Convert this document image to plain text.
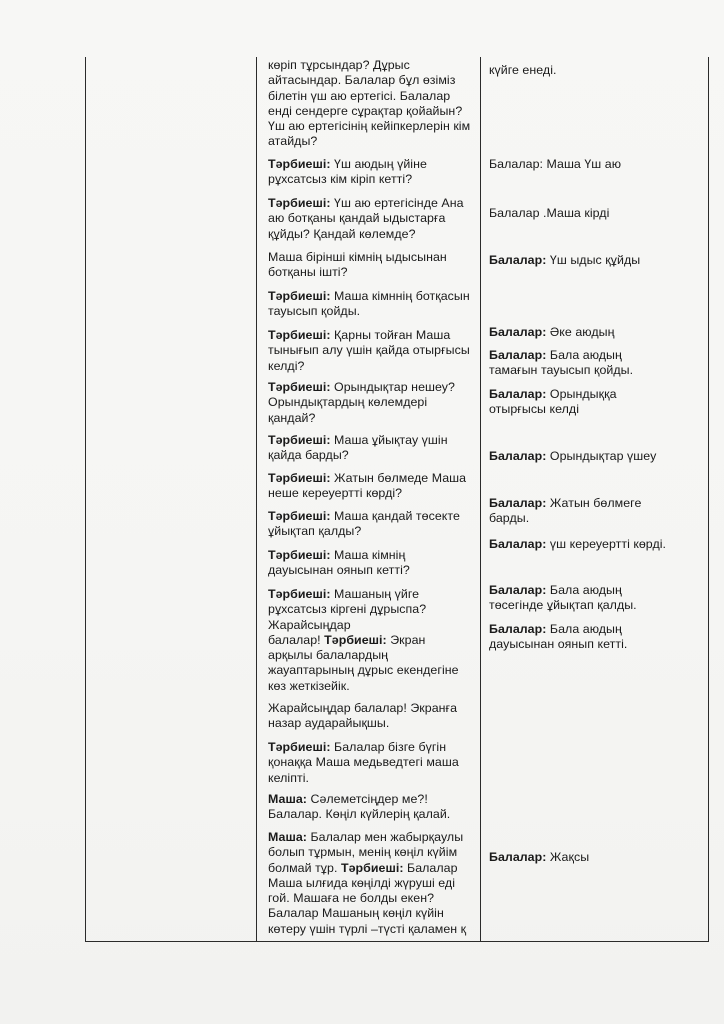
көріп тұрсындар? Дұрыс
айтасындар. Балалар бұл өзіміз
білетін үш аю ертегісі. Балалар
енді сендерге сұрақтар қойайын?
Үш аю ертегісінің кейіпкерлерін кім
атайды?
Тәрбиеші: Үш аюдың үйіне
рұхсатсыз кім кіріп кетті?
Тәрбиеші: Үш аю ертегісінде Ана
аю ботқаны қандай ыдыстарға
құйды? Қандай көлемде?
Маша бірінші кімнің ыдысынан
ботқаны ішті?
Тәрбиеші: Маша кімннің ботқасын
тауысып қойды.
Тәрбиеші: Қарны тойған Маша
тынығып алу үшін қайда отырғысы
келді?
Тәрбиеші: Орындықтар нешеу?
Орындықтардың көлемдері
қандай?
Тәрбиеші: Маша ұйықтау үшін
қайда барды?
Тәрбиеші: Жатын бөлмеде Маша
неше кереуертті көрді?
Тәрбиеші: Маша қандай төсекте
ұйықтап қалды?
Тәрбиеші: Маша кімнің
дауысынан оянып кетті?
Тәрбиеші: Машаның үйге
рұхсатсыз кіргені дұрыспа?
Жарайсыңдар
балалар! Тәрбиеші: Экран
арқылы балалардың
жауаптарының дұрыс екендегіне
көз жеткізейік.
Жарайсыңдар балалар! Экранға
назар аударайықшы.
Тәрбиеші: Балалар бізге бүгін
қонаққа Маша медьведтегі маша
келіпті.
Маша: Сәлеметсіңдер ме?!
Балалар. Көңіл күйлерің қалай.
Маша: Балалар мен жабырқаулы
болып тұрмын, менің көңіл күйім
болмай тұр. Тәрбиеші: Балалар
Маша ылғида көңілді жүруші еді
гой. Машаға не болды екен?
Балалар Машаның көңіл күйін
көтеру үшін түрлі –түсті қаламен қ
күйге енеді.
Балалар: Маша Үш аю
Балалар .Маша кірді
Балалар: Үш ыдыс құйды
Балалар: Әке аюдың
Балалар: Бала аюдың
тамағын тауысып қойды.
Балалар: Орындыққа
отырғысы келді
Балалар: Орындықтар үшеу
Балалар: Жатын бөлмеге
барды.
Балалар: үш кереуертті көрді.
Балалар: Бала аюдың
төсегінде ұйықтап қалды.
Балалар: Бала аюдың
дауысынан оянып кетті.
Балалар: Жақсы
